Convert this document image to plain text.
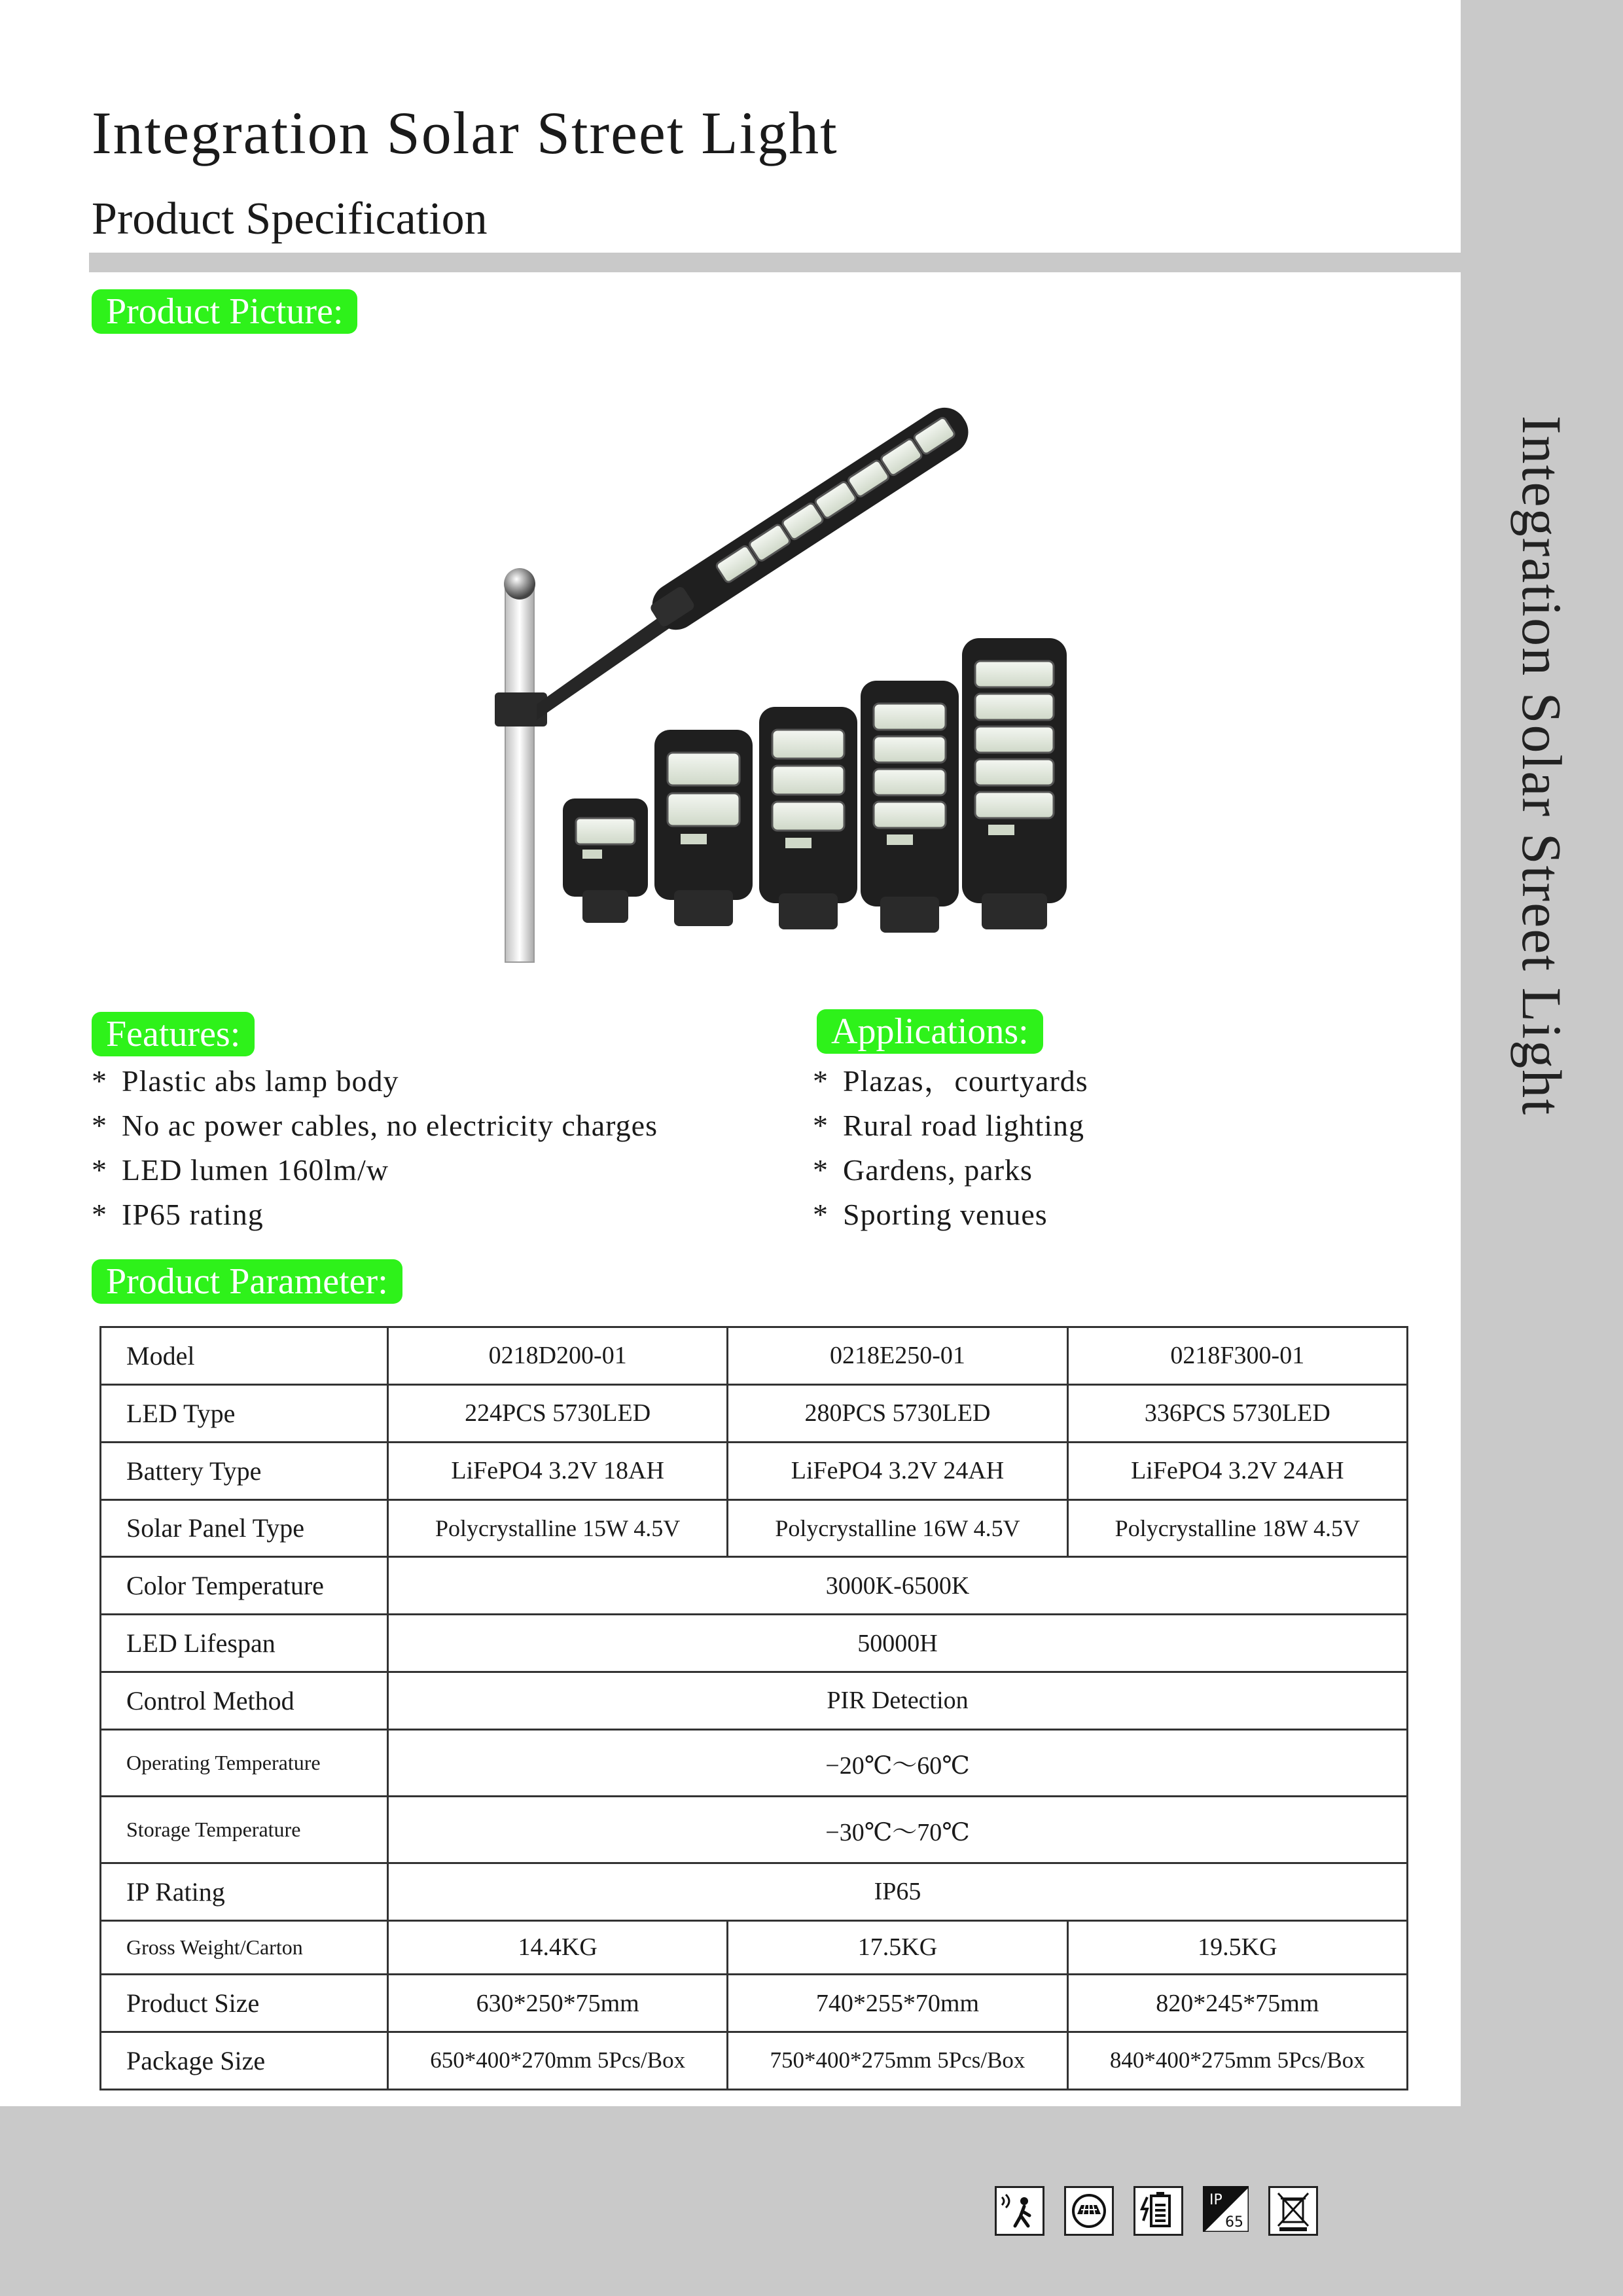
Integration Solar Street Light
Integration Solar Street Light
Product Specification
Product Picture:
Features:
* Plastic abs lamp body
* No ac power cables, no electricity charges
* LED lumen 160lm/w
* IP65 rating
Applications:
* Plazas，courtyards
* Rural road lighting
* Gardens, parks
* Sporting venues
Product Parameter:
Model	0218D200-01	0218E250-01	0218F300-01
LED Type	224PCS 5730LED	280PCS 5730LED	336PCS 5730LED
Battery Type	LiFePO4 3.2V 18AH	LiFePO4 3.2V 24AH	LiFePO4 3.2V 24AH
Solar Panel Type	Polycrystalline 15W 4.5V	Polycrystalline 16W 4.5V	Polycrystalline 18W 4.5V
Color Temperature	3000K-6500K		
LED Lifespan	50000H		
Control Method	PIR Detection		
Operating Temperature	−20℃～60℃		
Storage Temperature	−30℃～70℃		
IP Rating	IP65		
Gross Weight/Carton	14.4KG	17.5KG	19.5KG
Product Size	630*250*75mm	740*255*70mm	820*245*75mm
Package Size	650*400*270mm 5Pcs/Box	750*400*275mm 5Pcs/Box	840*400*275mm 5Pcs/Box
IP
65
